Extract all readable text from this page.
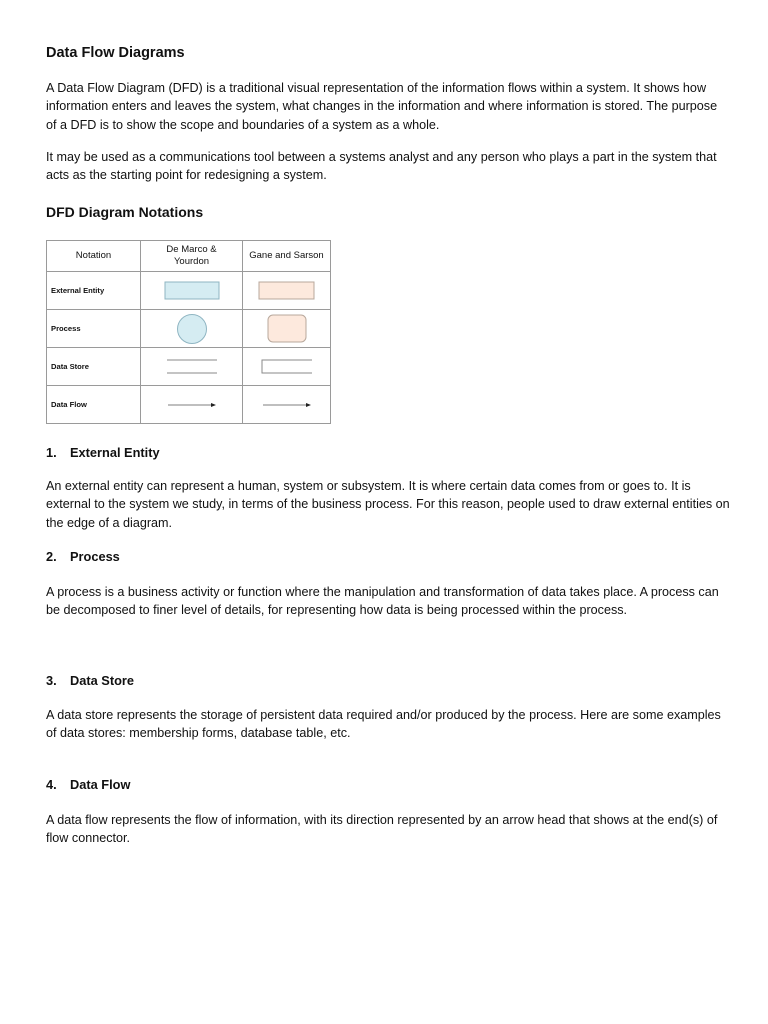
Data Flow Diagrams

A Data Flow Diagram (DFD) is a traditional visual representation of the information flows within a system. It shows how information enters and leaves the system, what changes in the information and where information is stored. The purpose of a DFD is to show the scope and boundaries of a system as a whole.

It may be used as a communications tool between a systems analyst and any person who plays a part in the system that acts as the starting point for redesigning a system.

DFD Diagram Notations
Notation	De Marco & Yourdon	Gane and Sarson
External Entity	

Process	

Data Store	

Data Flow	

1. External Entity

An external entity can represent a human, system or subsystem. It is where certain data comes from or goes to. It is external to the system we study, in terms of the business process. For this reason, people used to draw external entities on the edge of a diagram.

2. Process

A process is a business activity or function where the manipulation and transformation of data takes place. A process can be decomposed to finer level of details, for representing how data is being processed within the process.

3. Data Store

A data store represents the storage of persistent data required and/or produced by the process. Here are some examples of data stores: membership forms, database table, etc.

4. Data Flow

A data flow represents the flow of information, with its direction represented by an arrow head that shows at the end(s) of flow connector.
